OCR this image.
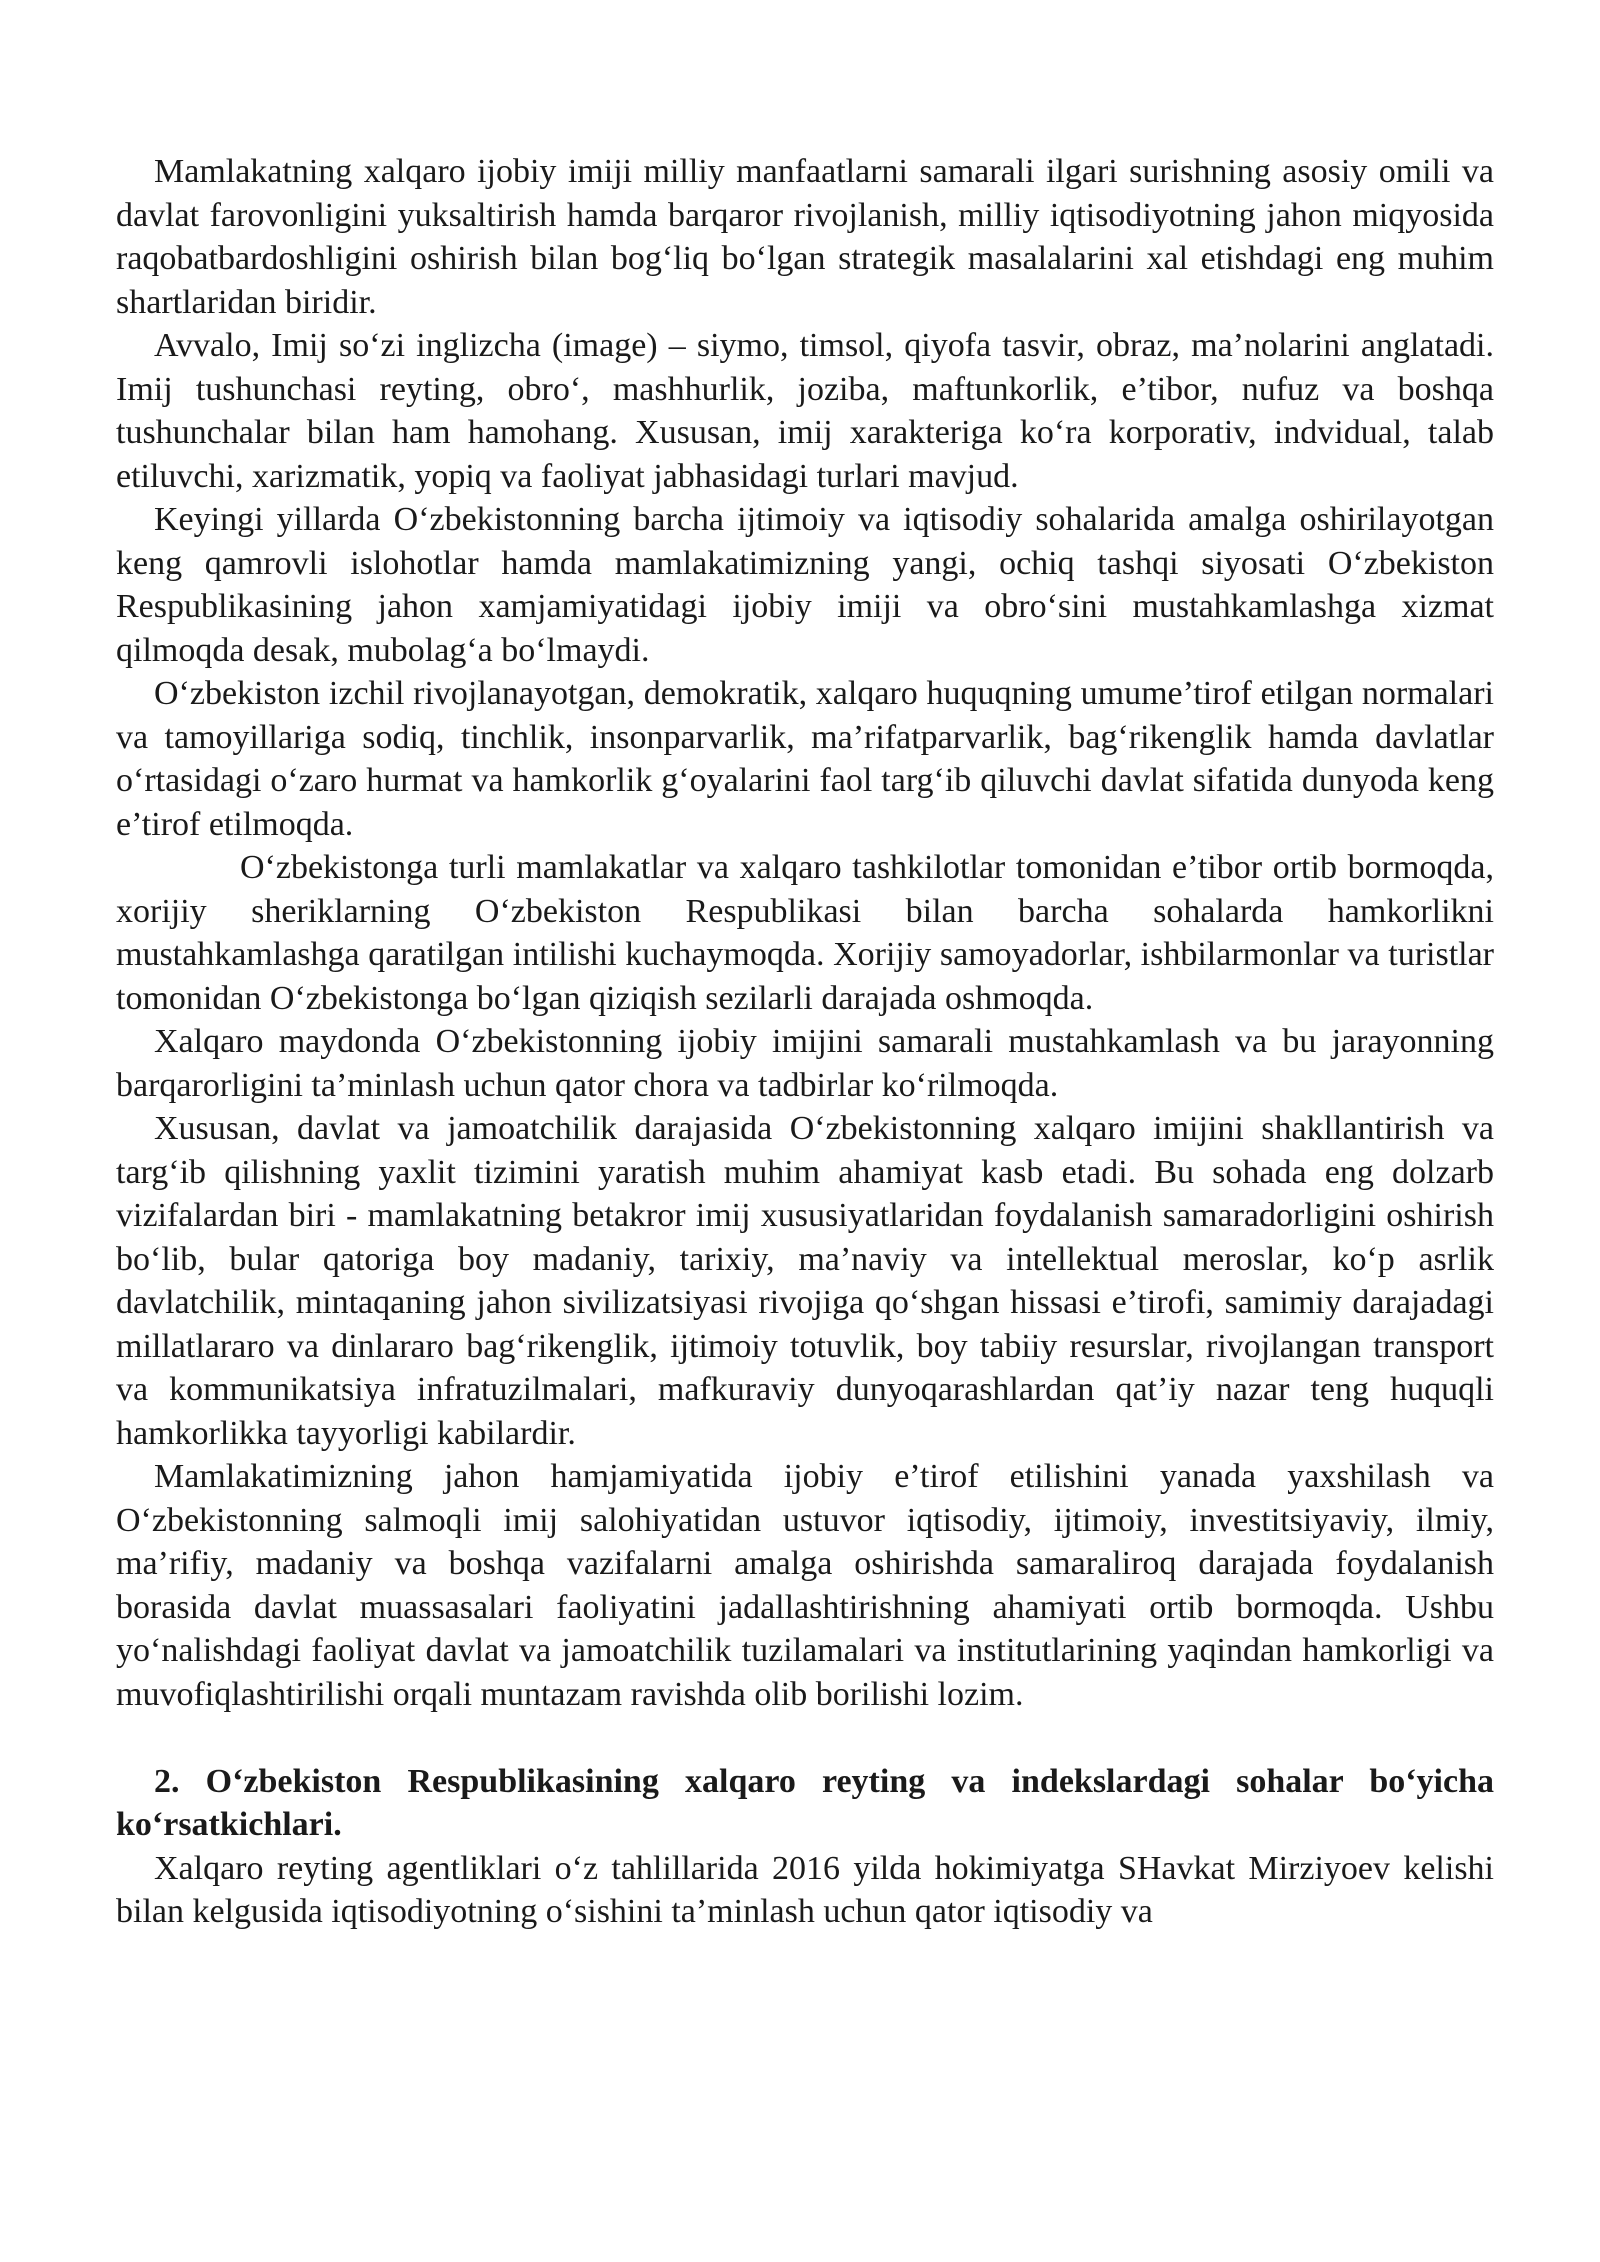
Mamlakatning xalqaro ijobiy imiji milliy manfaatlarni samarali ilgari surishning asosiy omili va davlat farovonligini yuksaltirish hamda barqaror rivojlanish, milliy iqtisodiyotning jahon miqyosida raqobatbardoshligini oshirish bilan bog‘liq bo‘lgan strategik masalalarini xal etishdagi eng muhim shartlaridan biridir.

Avvalo, Imij so‘zi inglizcha (image) – siymo, timsol, qiyofa tasvir, obraz, ma’nolarini anglatadi. Imij tushunchasi reyting, obro‘, mashhurlik, joziba, maftunkorlik, e’tibor, nufuz va boshqa tushunchalar bilan ham hamohang. Xususan, imij xarakteriga ko‘ra korporativ, indvidual, talab etiluvchi, xarizmatik, yopiq va faoliyat jabhasidagi turlari mavjud.

Keyingi yillarda O‘zbekistonning barcha ijtimoiy va iqtisodiy sohalarida amalga oshirilayotgan keng qamrovli islohotlar hamda mamlakatimizning yangi, ochiq tashqi siyosati O‘zbekiston Respublikasining jahon xamjamiyatidagi ijobiy imiji va obro‘sini mustahkamlashga xizmat qilmoqda desak, mubolag‘a bo‘lmaydi.

O‘zbekiston izchil rivojlanayotgan, demokratik, xalqaro huquqning umume’tirof etilgan normalari va tamoyillariga sodiq, tinchlik, insonparvarlik, ma’rifatparvarlik, bag‘rikenglik hamda davlatlar o‘rtasidagi o‘zaro hurmat va hamkorlik g‘oyalarini faol targ‘ib qiluvchi davlat sifatida dunyoda keng e’tirof etilmoqda.

O‘zbekistonga turli mamlakatlar va xalqaro tashkilotlar tomonidan e’tibor ortib bormoqda, xorijiy sheriklarning O‘zbekiston Respublikasi bilan barcha sohalarda hamkorlikni mustahkamlashga qaratilgan intilishi kuchaymoqda. Xorijiy samoyadorlar, ishbilarmonlar va turistlar tomonidan O‘zbekistonga bo‘lgan qiziqish sezilarli darajada oshmoqda.

Xalqaro maydonda O‘zbekistonning ijobiy imijini samarali mustahkamlash va bu jarayonning barqarorligini ta’minlash uchun qator chora va tadbirlar ko‘rilmoqda.

Xususan, davlat va jamoatchilik darajasida O‘zbekistonning xalqaro imijini shakllantirish va targ‘ib qilishning yaxlit tizimini yaratish muhim ahamiyat kasb etadi. Bu sohada eng dolzarb vizifalardan biri - mamlakatning betakror imij xususiyatlaridan foydalanish samaradorligini oshirish bo‘lib, bular qatoriga boy madaniy, tarixiy, ma’naviy va intellektual meroslar, ko‘p asrlik davlatchilik, mintaqaning jahon sivilizatsiyasi rivojiga qo‘shgan hissasi e’tirofi, samimiy darajadagi millatlararo va dinlararo bag‘rikenglik, ijtimoiy totuvlik, boy tabiiy resurslar, rivojlangan transport va kommunikatsiya infratuzilmalari, mafkuraviy dunyoqarashlardan qat’iy nazar teng huquqli hamkorlikka tayyorligi kabilardir.

Mamlakatimizning jahon hamjamiyatida ijobiy e’tirof etilishini yanada yaxshilash va O‘zbekistonning salmoqli imij salohiyatidan ustuvor iqtisodiy, ijtimoiy, investitsiyaviy, ilmiy, ma’rifiy, madaniy va boshqa vazifalarni amalga oshirishda samaraliroq darajada foydalanish borasida davlat muassasalari faoliyatini jadallashtirishning ahamiyati ortib bormoqda. Ushbu yo‘nalishdagi faoliyat davlat va jamoatchilik tuzilamalari va institutlarining yaqindan hamkorligi va muvofiqlashtirilishi orqali muntazam ravishda olib borilishi lozim.

2. O‘zbekiston Respublikasining xalqaro reyting va indekslardagi sohalar bo‘yicha ko‘rsatkichlari.

Xalqaro reyting agentliklari o‘z tahlillarida 2016 yilda hokimiyatga SHavkat Mirziyoev kelishi bilan kelgusida iqtisodiyotning o‘sishini ta’minlash uchun qator iqtisodiy va
